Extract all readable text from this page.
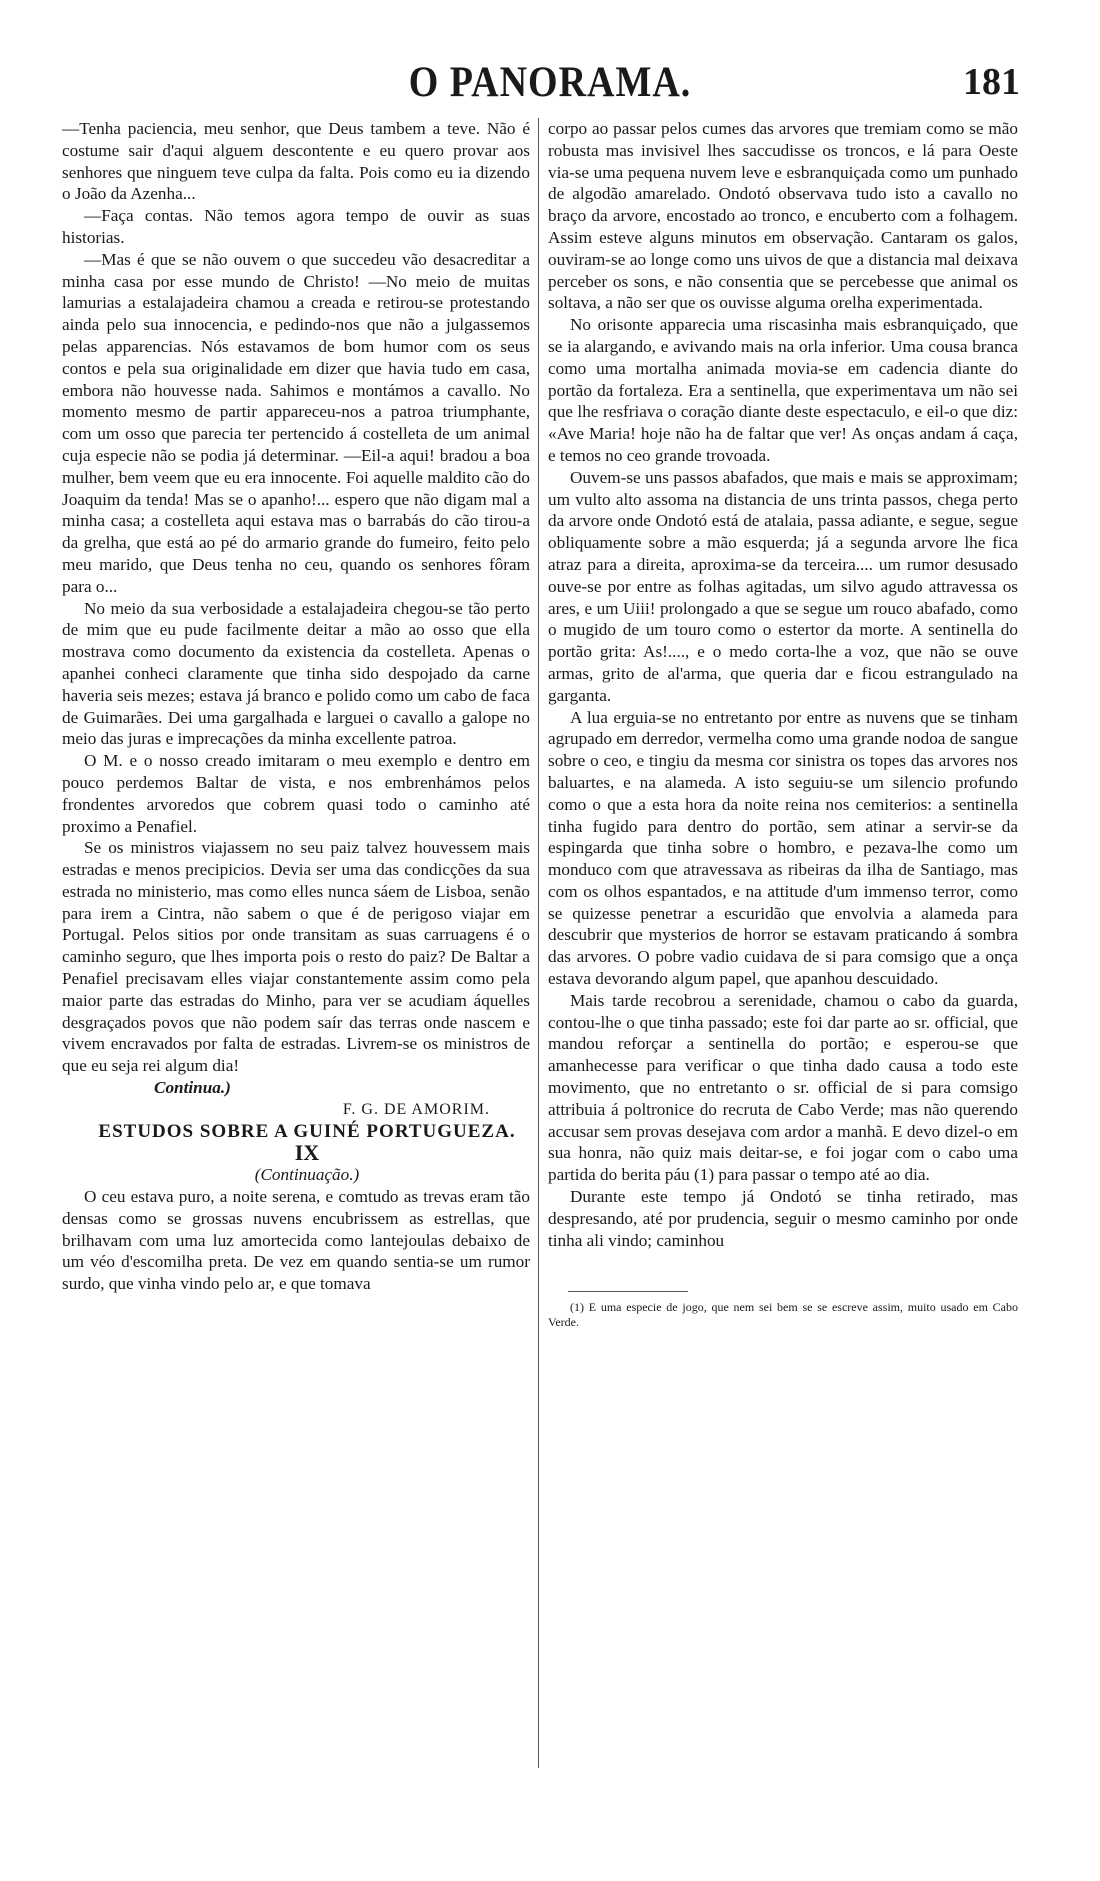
O PANORAMA.	181

—Tenha paciencia, meu senhor, que Deus tambem a teve. Não é costume sair d'aqui alguem descontente e eu quero provar aos senhores que ninguem teve culpa da falta. Pois como eu ia dizendo o João da Azenha...

—Faça contas. Não temos agora tempo de ouvir as suas historias.

—Mas é que se não ouvem o que succedeu vão desacreditar a minha casa por esse mundo de Christo! —No meio de muitas lamurias a estalajadeira chamou a creada e retirou-se protestando ainda pelo sua innocencia, e pedindo-nos que não a julgassemos pelas apparencias. Nós estavamos de bom humor com os seus contos e pela sua originalidade em dizer que havia tudo em casa, embora não houvesse nada. Sahimos e montámos a cavallo. No momento mesmo de partir appareceu-nos a patroa triumphante, com um osso que parecia ter pertencido á costelleta de um animal cuja especie não se podia já determinar. —Eil-a aqui! bradou a boa mulher, bem veem que eu era innocente. Foi aquelle maldito cão do Joaquim da tenda! Mas se o apanho!... espero que não digam mal a minha casa; a costelleta aqui estava mas o barrabás do cão tirou-a da grelha, que está ao pé do armario grande do fumeiro, feito pelo meu marido, que Deus tenha no ceu, quando os senhores fôram para o...

No meio da sua verbosidade a estalajadeira chegou-se tão perto de mim que eu pude facilmente deitar a mão ao osso que ella mostrava como documento da existencia da costelleta. Apenas o apanhei conheci claramente que tinha sido despojado da carne haveria seis mezes; estava já branco e polido como um cabo de faca de Guimarães. Dei uma gargalhada e larguei o cavallo a galope no meio das juras e imprecações da minha excellente patroa.

O M. e o nosso creado imitaram o meu exemplo e dentro em pouco perdemos Baltar de vista, e nos embrenhámos pelos frondentes arvoredos que cobrem quasi todo o caminho até proximo a Penafiel.

Se os ministros viajassem no seu paiz talvez houvessem mais estradas e menos precipicios. Devia ser uma das condicções da sua estrada no ministerio, mas como elles nunca sáem de Lisboa, senão para irem a Cintra, não sabem o que é de perigoso viajar em Portugal. Pelos sitios por onde transitam as suas carruagens é o caminho seguro, que lhes importa pois o resto do paiz? De Baltar a Penafiel precisavam elles viajar constantemente assim como pela maior parte das estradas do Minho, para ver se acudiam áquelles desgraçados povos que não podem saír das terras onde nascem e vivem encravados por falta de estradas. Livrem-se os ministros de que eu seja rei algum dia!

Continua.)

F. G. DE AMORIM.

ESTUDOS SOBRE A GUINÉ PORTUGUEZA.

IX

(Continuação.)

O ceu estava puro, a noite serena, e comtudo as trevas eram tão densas como se grossas nuvens encubrissem as estrellas, que brilhavam com uma luz amortecida como lantejoulas debaixo de um véo d'escomilha preta. De vez em quando sentia-se um rumor surdo, que vinha vindo pelo ar, e que tomava

corpo ao passar pelos cumes das arvores que tremiam como se mão robusta mas invisivel lhes saccudisse os troncos, e lá para Oeste via-se uma pequena nuvem leve e esbranquiçada como um punhado de algodão amarelado. Ondotó observava tudo isto a cavallo no braço da arvore, encostado ao tronco, e encuberto com a folhagem. Assim esteve alguns minutos em observação. Cantaram os galos, ouviram-se ao longe como uns uivos de que a distancia mal deixava perceber os sons, e não consentia que se percebesse que animal os soltava, a não ser que os ouvisse alguma orelha experimentada.

No orisonte apparecia uma riscasinha mais esbranquiçado, que se ia alargando, e avivando mais na orla inferior. Uma cousa branca como uma mortalha animada movia-se em cadencia diante do portão da fortaleza. Era a sentinella, que experimentava um não sei que lhe resfriava o coração diante deste espectaculo, e eil-o que diz: «Ave Maria! hoje não ha de faltar que ver! As onças andam á caça, e temos no ceo grande trovoada.

Ouvem-se uns passos abafados, que mais e mais se approximam; um vulto alto assoma na distancia de uns trinta passos, chega perto da arvore onde Ondotó está de atalaia, passa adiante, e segue, segue obliquamente sobre a mão esquerda; já a segunda arvore lhe fica atraz para a direita, aproxima-se da terceira.... um rumor desusado ouve-se por entre as folhas agitadas, um silvo agudo attravessa os ares, e um Uiii! prolongado a que se segue um rouco abafado, como o mugido de um touro como o estertor da morte. A sentinella do portão grita: As!...., e o medo corta-lhe a voz, que não se ouve armas, grito de al'arma, que queria dar e ficou estrangulado na garganta.

A lua erguia-se no entretanto por entre as nuvens que se tinham agrupado em derredor, vermelha como uma grande nodoa de sangue sobre o ceo, e tingiu da mesma cor sinistra os topes das arvores nos baluartes, e na alameda. A isto seguiu-se um silencio profundo como o que a esta hora da noite reina nos cemiterios: a sentinella tinha fugido para dentro do portão, sem atinar a servir-se da espingarda que tinha sobre o hombro, e pezava-lhe como um monduco com que atravessava as ribeiras da ilha de Santiago, mas com os olhos espantados, e na attitude d'um immenso terror, como se quizesse penetrar a escuridão que envolvia a alameda para descubrir que mysterios de horror se estavam praticando á sombra das arvores. O pobre vadio cuidava de si para comsigo que a onça estava devorando algum papel, que apanhou descuidado.

Mais tarde recobrou a serenidade, chamou o cabo da guarda, contou-lhe o que tinha passado; este foi dar parte ao sr. official, que mandou reforçar a sentinella do portão; e esperou-se que amanhecesse para verificar o que tinha dado causa a todo este movimento, que no entretanto o sr. official de si para comsigo attribuia á poltronice do recruta de Cabo Verde; mas não querendo accusar sem provas desejava com ardor a manhã. E devo dizel-o em sua honra, não quiz mais deitar-se, e foi jogar com o cabo uma partida do berita páu (1) para passar o tempo até ao dia.

Durante este tempo já Ondotó se tinha retirado, mas despresando, até por prudencia, seguir o mesmo caminho por onde tinha ali vindo; caminhou

(1) E uma especie de jogo, que nem sei bem se se escreve assim, muito usado em Cabo Verde.
